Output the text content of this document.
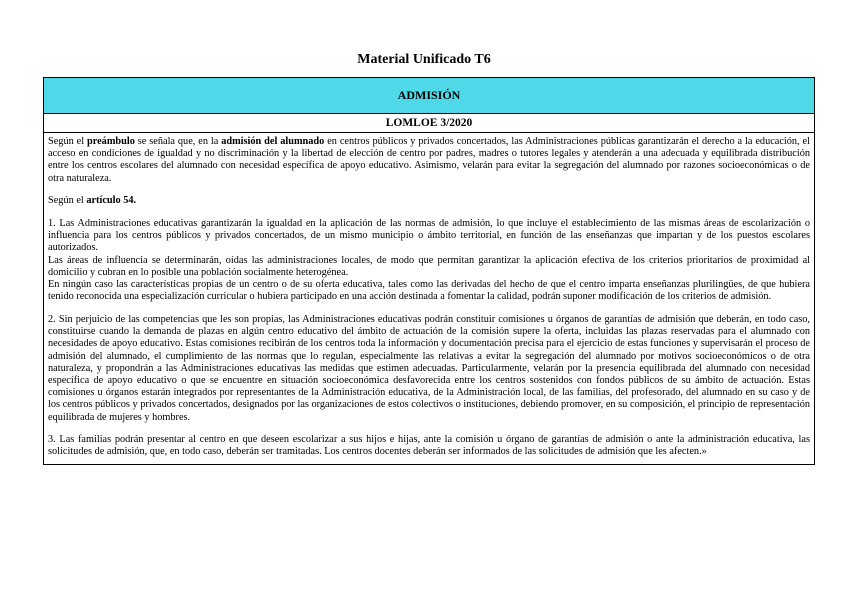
Material Unificado T6
ADMISIÓN
LOMLOE 3/2020

Según el preámbulo se señala que, en la admisión del alumnado en centros públicos y privados concertados, las Administraciones públicas garantizarán el derecho a la educación, el acceso en condiciones de igualdad y no discriminación y la libertad de elección de centro por padres, madres o tutores legales y atenderán a una adecuada y equilibrada distribución entre los centros escolares del alumnado con necesidad específica de apoyo educativo. Asimismo, velarán para evitar la segregación del alumnado por razones socioeconómicas o de otra naturaleza.

Según el artículo 54.

1. Las Administraciones educativas garantizarán la igualdad en la aplicación de las normas de admisión, lo que incluye el establecimiento de las mismas áreas de escolarización o influencia para los centros públicos y privados concertados, de un mismo municipio o ámbito territorial, en función de las enseñanzas que impartan y de los puestos escolares autorizados.

Las áreas de influencia se determinarán, oídas las administraciones locales, de modo que permitan garantizar la aplicación efectiva de los criterios prioritarios de proximidad al domicilio y cubran en lo posible una población socialmente heterogénea.

En ningún caso las características propias de un centro o de su oferta educativa, tales como las derivadas del hecho de que el centro imparta enseñanzas plurilingües, de que hubiera tenido reconocida una especialización curricular o hubiera participado en una acción destinada a fomentar la calidad, podrán suponer modificación de los criterios de admisión.

2. Sin perjuicio de las competencias que les son propias, las Administraciones educativas podrán constituir comisiones u órganos de garantías de admisión que deberán, en todo caso, constituirse cuando la demanda de plazas en algún centro educativo del ámbito de actuación de la comisión supere la oferta, incluidas las plazas reservadas para el alumnado con necesidades de apoyo educativo. Estas comisiones recibirán de los centros toda la información y documentación precisa para el ejercicio de estas funciones y supervisarán el proceso de admisión del alumnado, el cumplimiento de las normas que lo regulan, especialmente las relativas a evitar la segregación del alumnado por motivos socioeconómicos o de otra naturaleza, y propondrán a las Administraciones educativas las medidas que estimen adecuadas. Particularmente, velarán por la presencia equilibrada del alumnado con necesidad específica de apoyo educativo o que se encuentre en situación socioeconómica desfavorecida entre los centros sostenidos con fondos públicos de su ámbito de actuación. Estas comisiones u órganos estarán integrados por representantes de la Administración educativa, de la Administración local, de las familias, del profesorado, del alumnado en su caso y de los centros públicos y privados concertados, designados por las organizaciones de estos colectivos o instituciones, debiendo promover, en su composición, el principio de representación equilibrada de mujeres y hombres.

3. Las familias podrán presentar al centro en que deseen escolarizar a sus hijos e hijas, ante la comisión u órgano de garantías de admisión o ante la administración educativa, las solicitudes de admisión, que, en todo caso, deberán ser tramitadas. Los centros docentes deberán ser informados de las solicitudes de admisión que les afecten.»
